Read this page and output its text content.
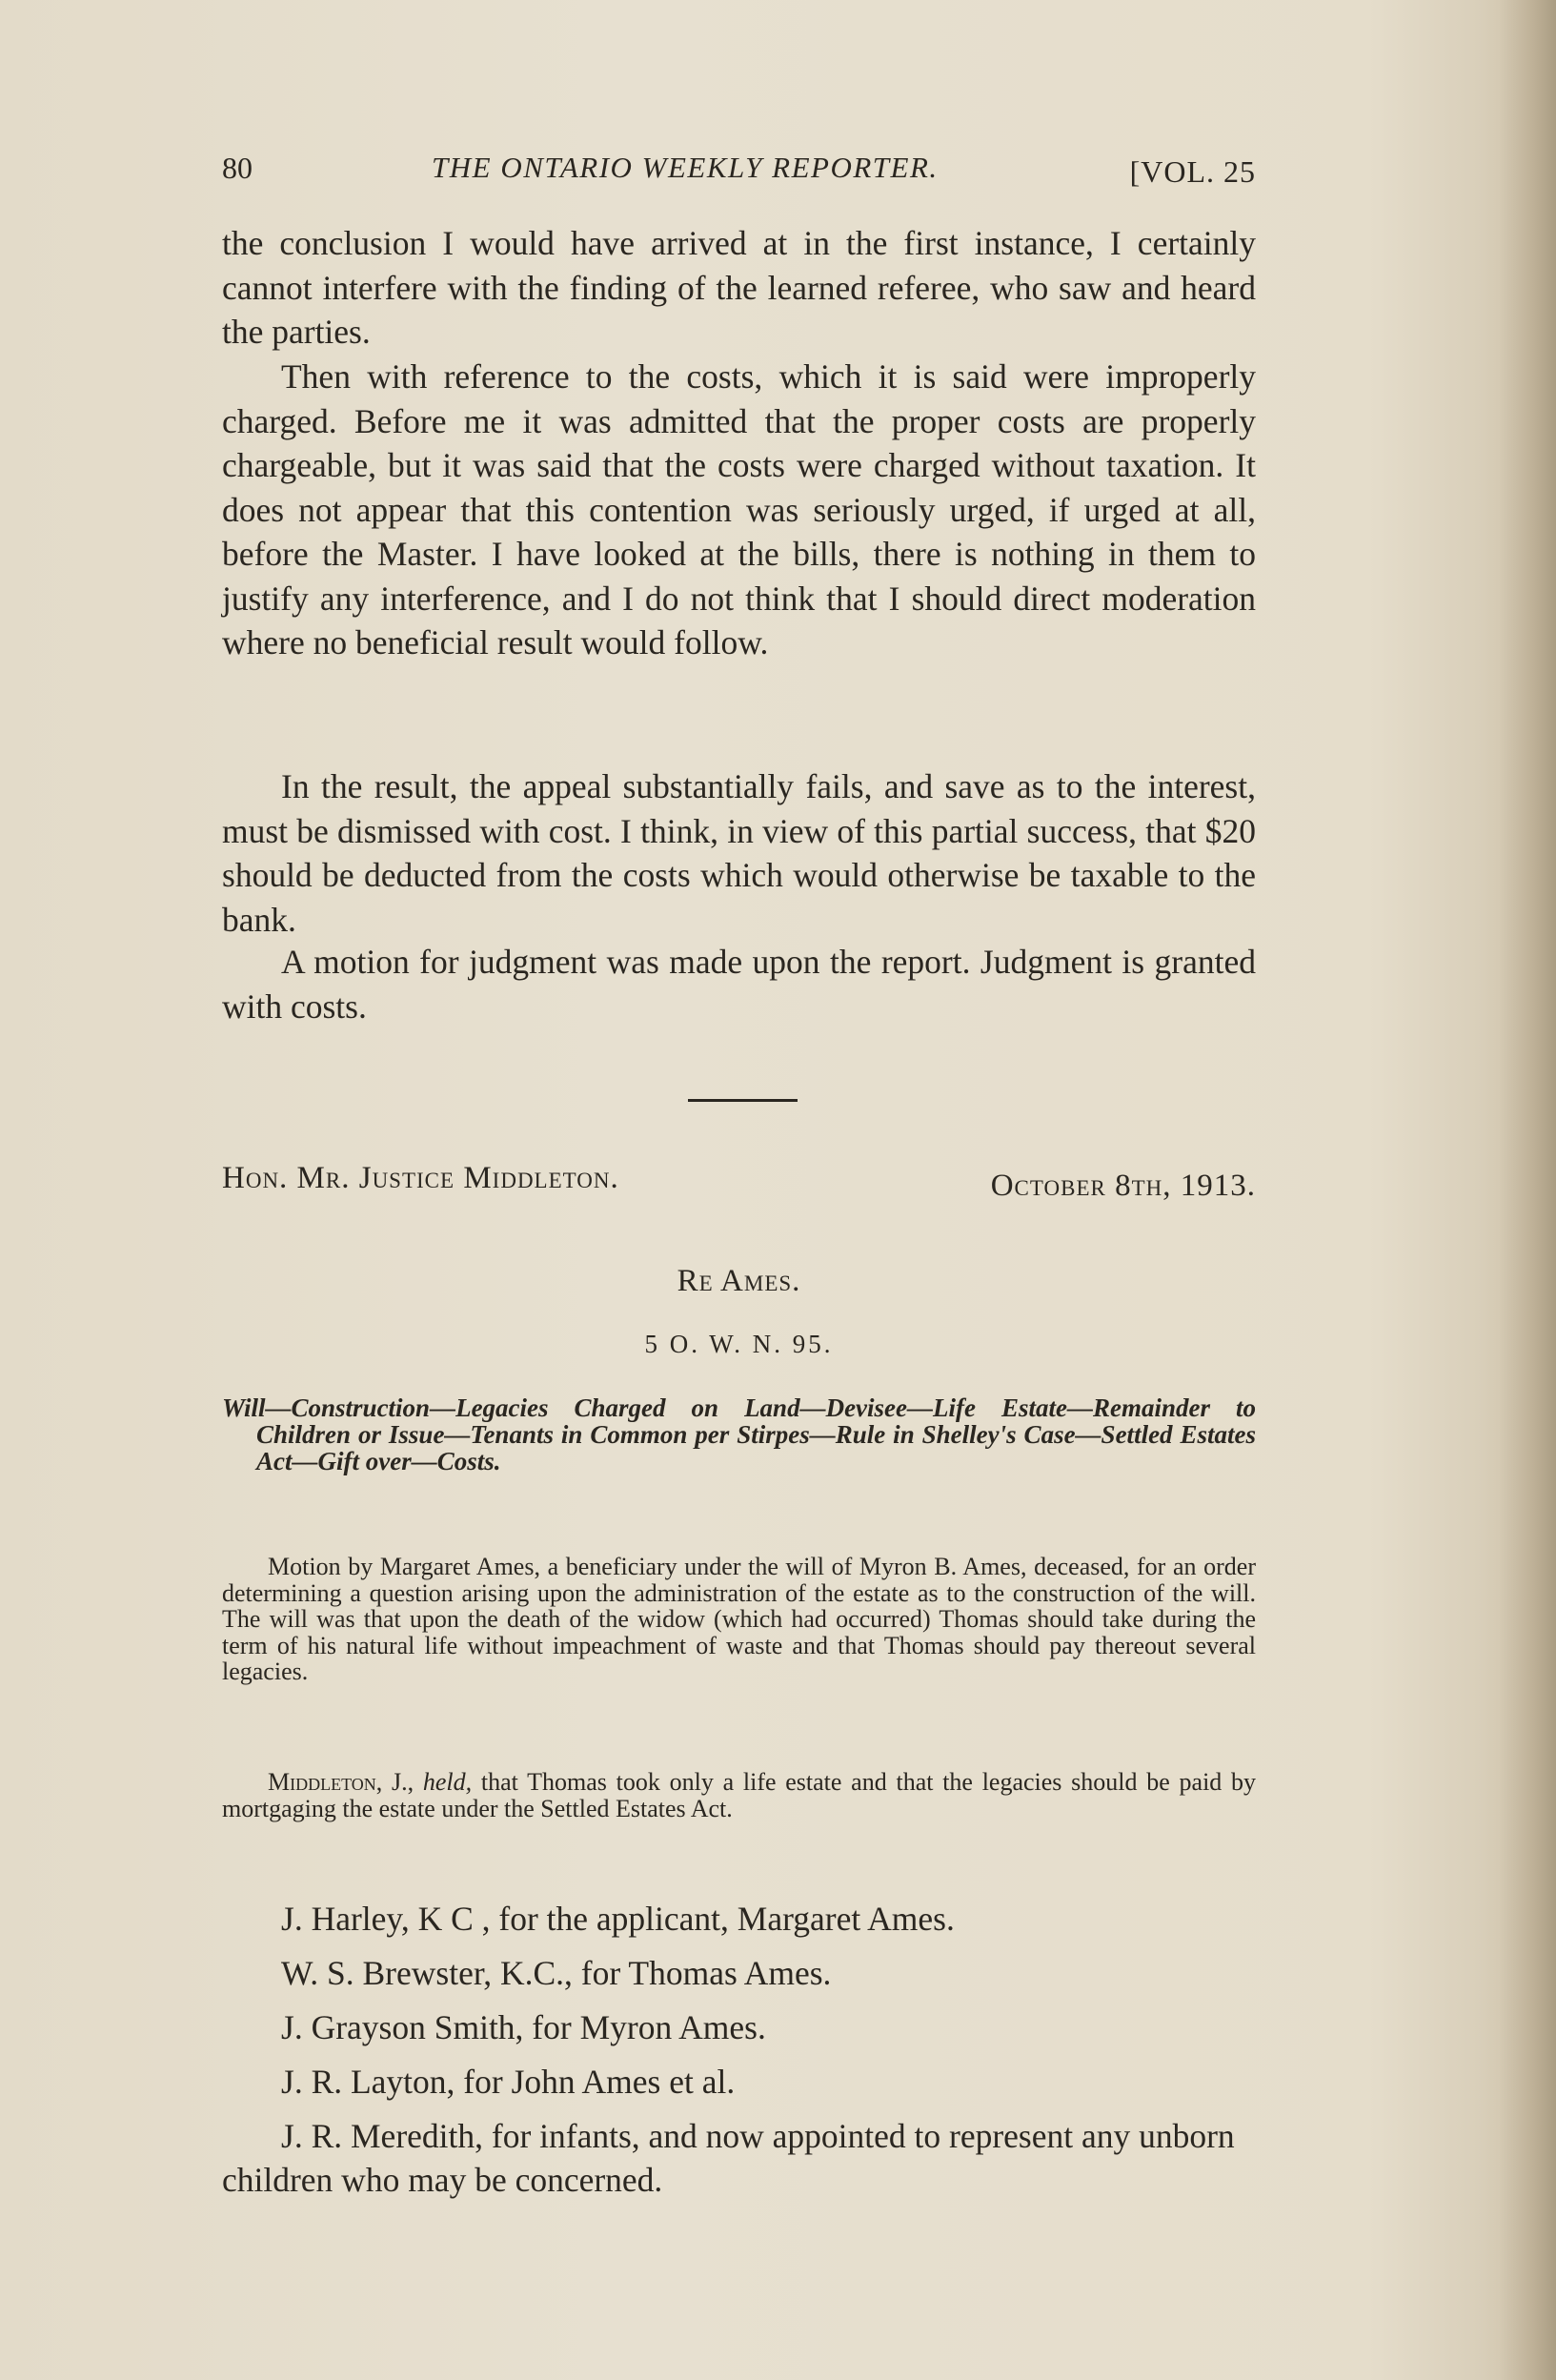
80	THE ONTARIO WEEKLY REPORTER.	[VOL. 25

the conclusion I would have arrived at in the first instance, I certainly cannot interfere with the finding of the learned referee, who saw and heard the parties.

Then with reference to the costs, which it is said were improperly charged. Before me it was admitted that the proper costs are properly chargeable, but it was said that the costs were charged without taxation. It does not appear that this contention was seriously urged, if urged at all, before the Master. I have looked at the bills, there is nothing in them to justify any interference, and I do not think that I should direct moderation where no beneficial result would follow.

In the result, the appeal substantially fails, and save as to the interest, must be dismissed with cost. I think, in view of this partial success, that $20 should be deducted from the costs which would otherwise be taxable to the bank.

A motion for judgment was made upon the report. Judgment is granted with costs.

Hon. Mr. Justice Middleton.	October 8th, 1913.
Re Ames.
5 O. W. N. 95.

Will—Construction—Legacies Charged on Land—Devisee—Life Estate—Remainder to Children or Issue—Tenants in Common per Stirpes—Rule in Shelley's Case—Settled Estates Act—Gift over—Costs.

Motion by Margaret Ames, a beneficiary under the will of Myron B. Ames, deceased, for an order determining a question arising upon the administration of the estate as to the construction of the will. The will was that upon the death of the widow (which had occurred) Thomas should take during the term of his natural life without impeachment of waste and that Thomas should pay thereout several legacies.

Middleton, J., held, that Thomas took only a life estate and that the legacies should be paid by mortgaging the estate under the Settled Estates Act.

J. Harley, K C , for the applicant, Margaret Ames.

W. S. Brewster, K.C., for Thomas Ames.

J. Grayson Smith, for Myron Ames.

J. R. Layton, for John Ames et al.

J. R. Meredith, for infants, and now appointed to represent any unborn children who may be concerned.
